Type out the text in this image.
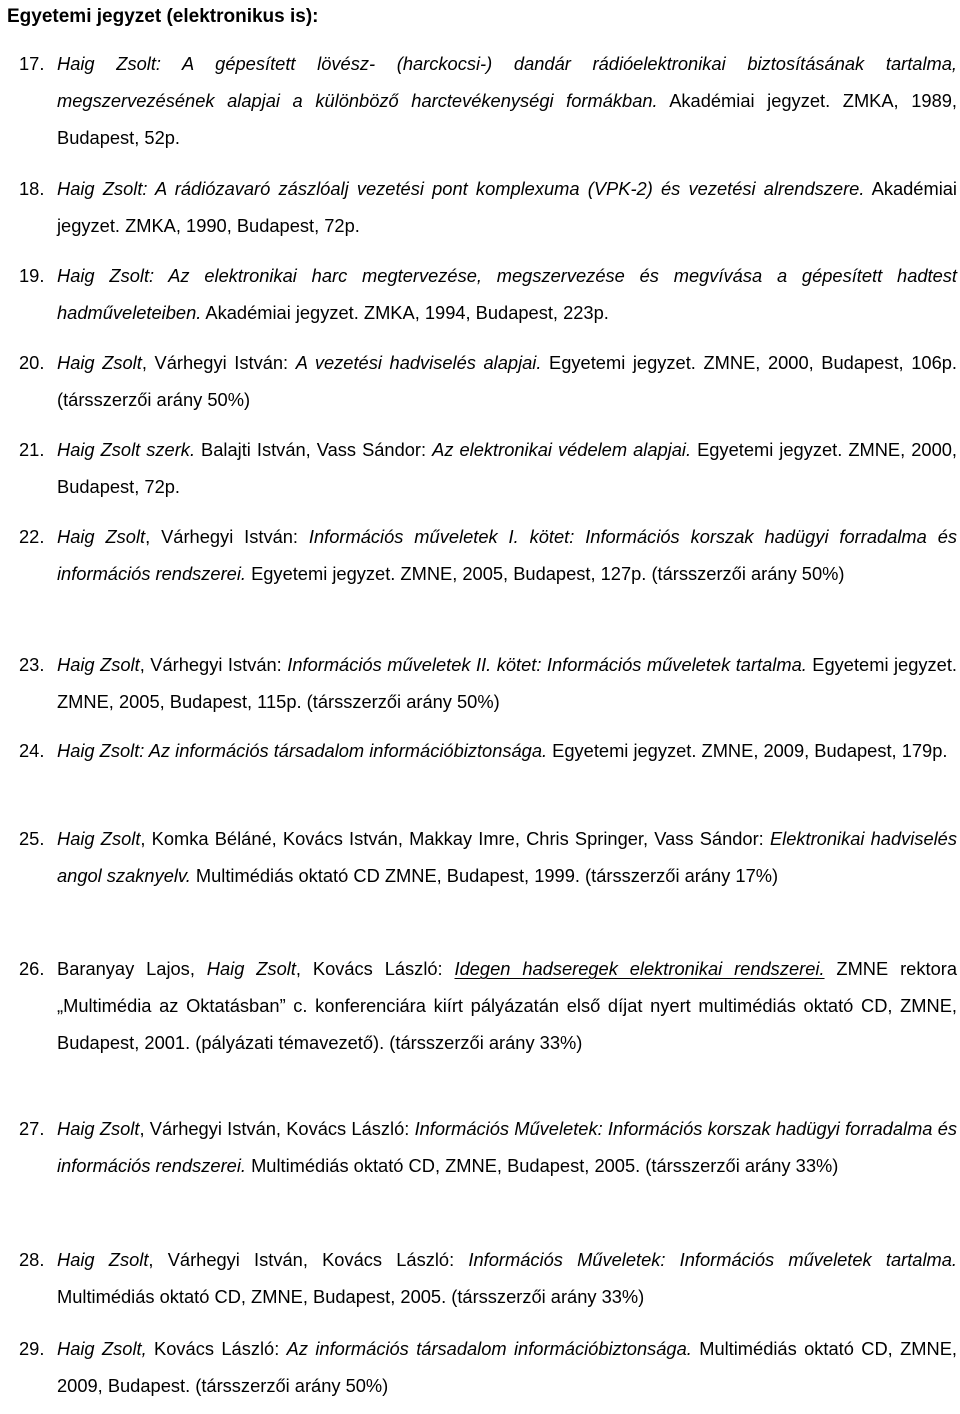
Egyetemi jegyzet (elektronikus is):
17. Haig Zsolt: A gépesített lövész- (harckocsi-) dandár rádióelektronikai biztosításának tartalma, megszervezésének alapjai a különböző harctevékenységi formákban. Akadémiai jegyzet. ZMKA, 1989, Budapest, 52p.
18. Haig Zsolt: A rádiózavaró zászlóalj vezetési pont komplexuma (VPK-2) és vezetési alrendszere. Akadémiai jegyzet. ZMKA, 1990, Budapest, 72p.
19. Haig Zsolt: Az elektronikai harc megtervezése, megszervezése és megvívása a gépesített hadtest hadműveleteiben. Akadémiai jegyzet. ZMKA, 1994, Budapest, 223p.
20. Haig Zsolt, Várhegyi István: A vezetési hadviselés alapjai. Egyetemi jegyzet. ZMNE, 2000, Budapest, 106p. (társszerzői arány 50%)
21. Haig Zsolt szerk. Balajti István, Vass Sándor: Az elektronikai védelem alapjai. Egyetemi jegyzet. ZMNE, 2000, Budapest, 72p.
22. Haig Zsolt, Várhegyi István: Információs műveletek I. kötet: Információs korszak hadügyi forradalma és információs rendszerei. Egyetemi jegyzet. ZMNE, 2005, Budapest, 127p. (társszerzői arány 50%)
23. Haig Zsolt, Várhegyi István: Információs műveletek II. kötet: Információs műveletek tartalma. Egyetemi jegyzet. ZMNE, 2005, Budapest, 115p. (társszerzői arány 50%)
24. Haig Zsolt: Az információs társadalom információbiztonsága. Egyetemi jegyzet. ZMNE, 2009, Budapest, 179p.
25. Haig Zsolt, Komka Béláné, Kovács István, Makkay Imre, Chris Springer, Vass Sándor: Elektronikai hadviselés angol szaknyelv. Multimédiás oktató CD ZMNE, Budapest, 1999. (társszerzői arány 17%)
26. Baranyay Lajos, Haig Zsolt, Kovács László: Idegen hadseregek elektronikai rendszerei. ZMNE rektora „Multimédia az Oktatásban” c. konferenciára kiírt pályázatán első díjat nyert multimédiás oktató CD, ZMNE, Budapest, 2001. (pályázati témavezető). (társszerzői arány 33%)
27. Haig Zsolt, Várhegyi István, Kovács László: Információs Műveletek: Információs korszak hadügyi forradalma és információs rendszerei. Multimédiás oktató CD, ZMNE, Budapest, 2005. (társszerzői arány 33%)
28. Haig Zsolt, Várhegyi István, Kovács László: Információs Műveletek: Információs műveletek tartalma. Multimédiás oktató CD, ZMNE, Budapest, 2005. (társszerzői arány 33%)
29. Haig Zsolt, Kovács László: Az információs társadalom információbiztonsága. Multimédiás oktató CD, ZMNE, 2009, Budapest. (társszerzői arány 50%)
